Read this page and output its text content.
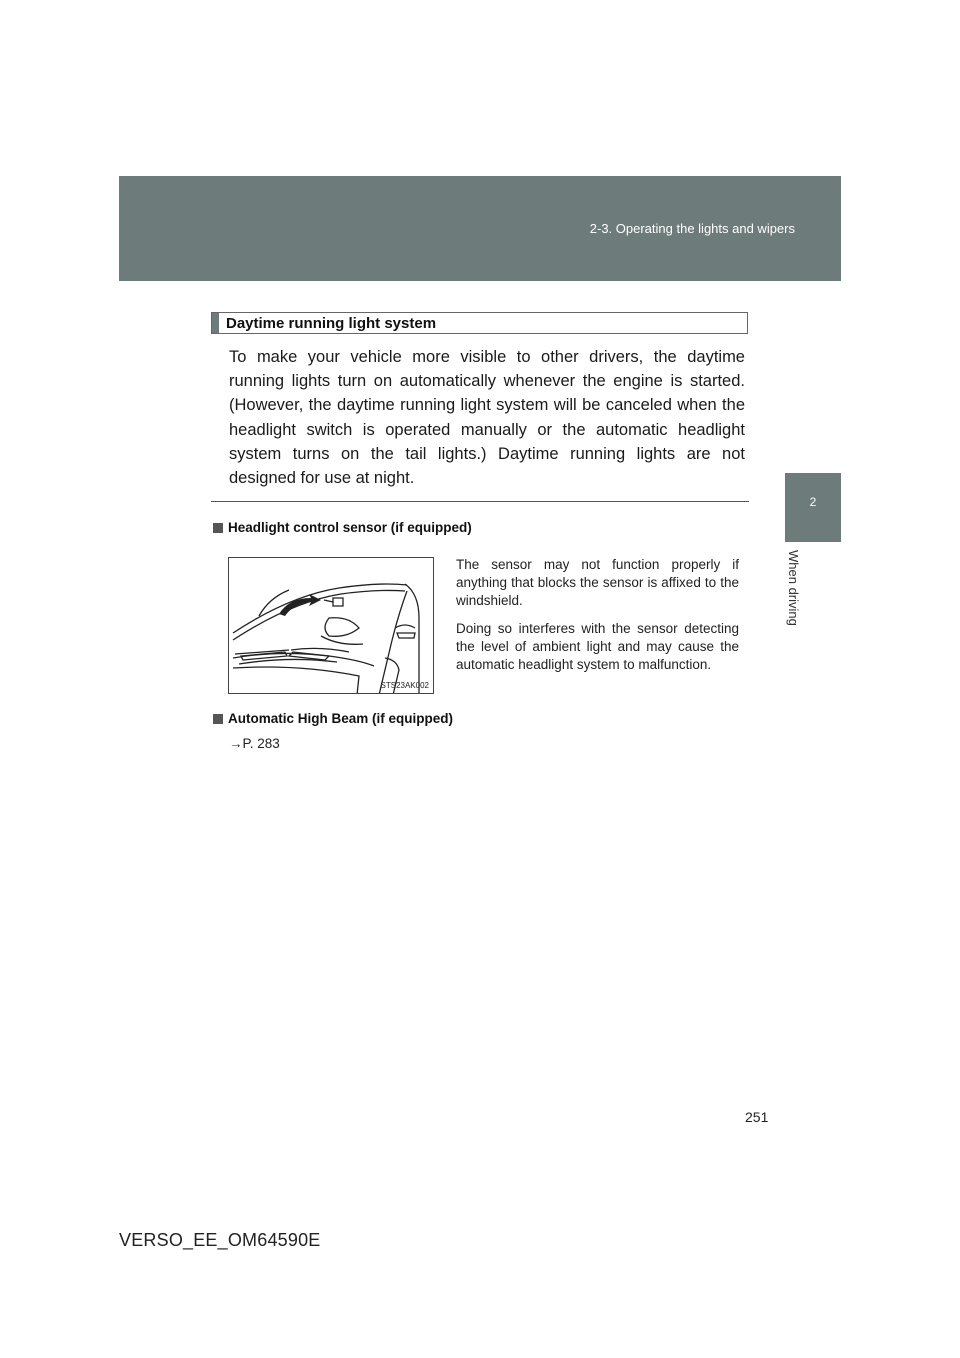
2-3. Operating the lights and wipers
2
When driving
Daytime running light system

To make your vehicle more visible to other drivers, the daytime running lights turn on automatically whenever the engine is started. (However, the daytime running light system will be canceled when the headlight switch is operated manually or the automatic headlight system turns on the tail lights.) Daytime running lights are not designed for use at night.

Headlight control sensor (if equipped)
STS23AK002

The sensor may not function properly if anything that blocks the sensor is affixed to the windshield.

Doing so interferes with the sensor detecting the level of ambient light and may cause the automatic headlight system to malfunction.

Automatic High Beam (if equipped)
→P. 283
251
VERSO_EE_OM64590E
